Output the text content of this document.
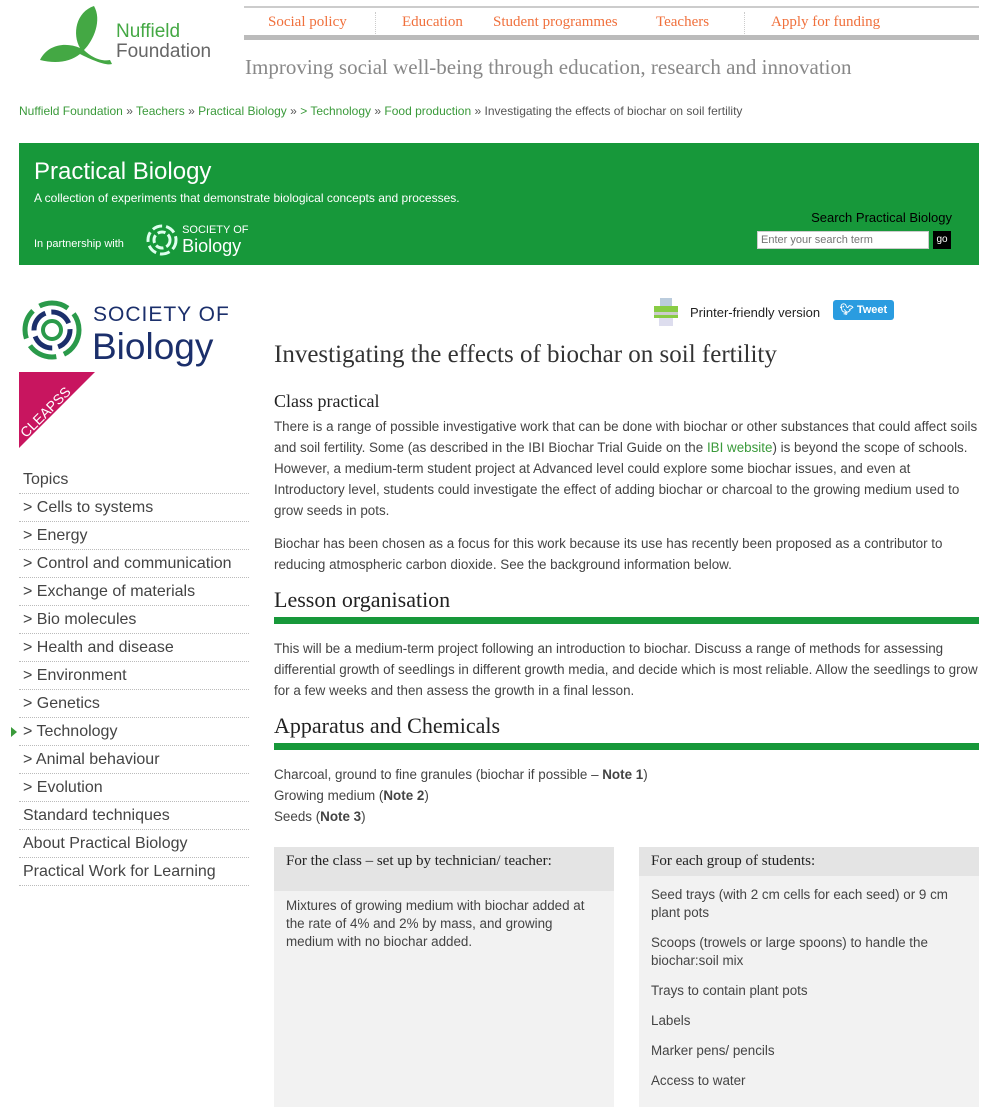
Nuffield
Foundation
Social policy	Education	Student programmes	Teachers	Apply for funding
Improving social well-being through education, research and innovation
Nuffield Foundation » Teachers » Practical Biology » > Technology » Food production » Investigating the effects of biochar on soil fertility
Practical Biology
A collection of experiments that demonstrate biological concepts and processes.
In partnership with

SOCIETY OF
Biology
Search Practical Biology
Enter your search term
go
SOCIETY OF
Biology
CLEAPSS
Topics
> Cells to systems
> Energy
> Control and communication
> Exchange of materials
> Bio molecules
> Health and disease
> Environment
> Genetics
> Technology
> Animal behaviour
> Evolution
Standard techniques
About Practical Biology
Practical Work for Learning
Printer-friendly version	🐦︎ Tweet
Investigating the effects of biochar on soil fertility
Class practical

There is a range of possible investigative work that can be done with biochar or other substances that could affect soils and soil fertility. Some (as described in the IBI Biochar Trial Guide on the IBI website) is beyond the scope of schools. However, a medium-term student project at Advanced level could explore some biochar issues, and even at Introductory level, students could investigate the effect of adding biochar or charcoal to the growing medium used to grow seeds in pots.

Biochar has been chosen as a focus for this work because its use has recently been proposed as a contributor to reducing atmospheric carbon dioxide. See the background information below.

Lesson organisation

This will be a medium-term project following an introduction to biochar. Discuss a range of methods for assessing differential growth of seedlings in different growth media, and decide which is most reliable. Allow the seedlings to grow for a few weeks and then assess the growth in a final lesson.

Apparatus and Chemicals
Charcoal, ground to fine granules (biochar if possible – Note 1)
Growing medium (Note 2)
Seeds (Note 3)
For the class – set up by technician/ teacher:
Mixtures of growing medium with biochar added at the rate of 4% and 2% by mass, and growing medium with no biochar added.
For each group of students:
Seed trays (with 2 cm cells for each seed) or 9 cm plant pots
Scoops (trowels or large spoons) to handle the biochar:soil mix
Trays to contain plant pots
Labels
Marker pens/ pencils
Access to water
